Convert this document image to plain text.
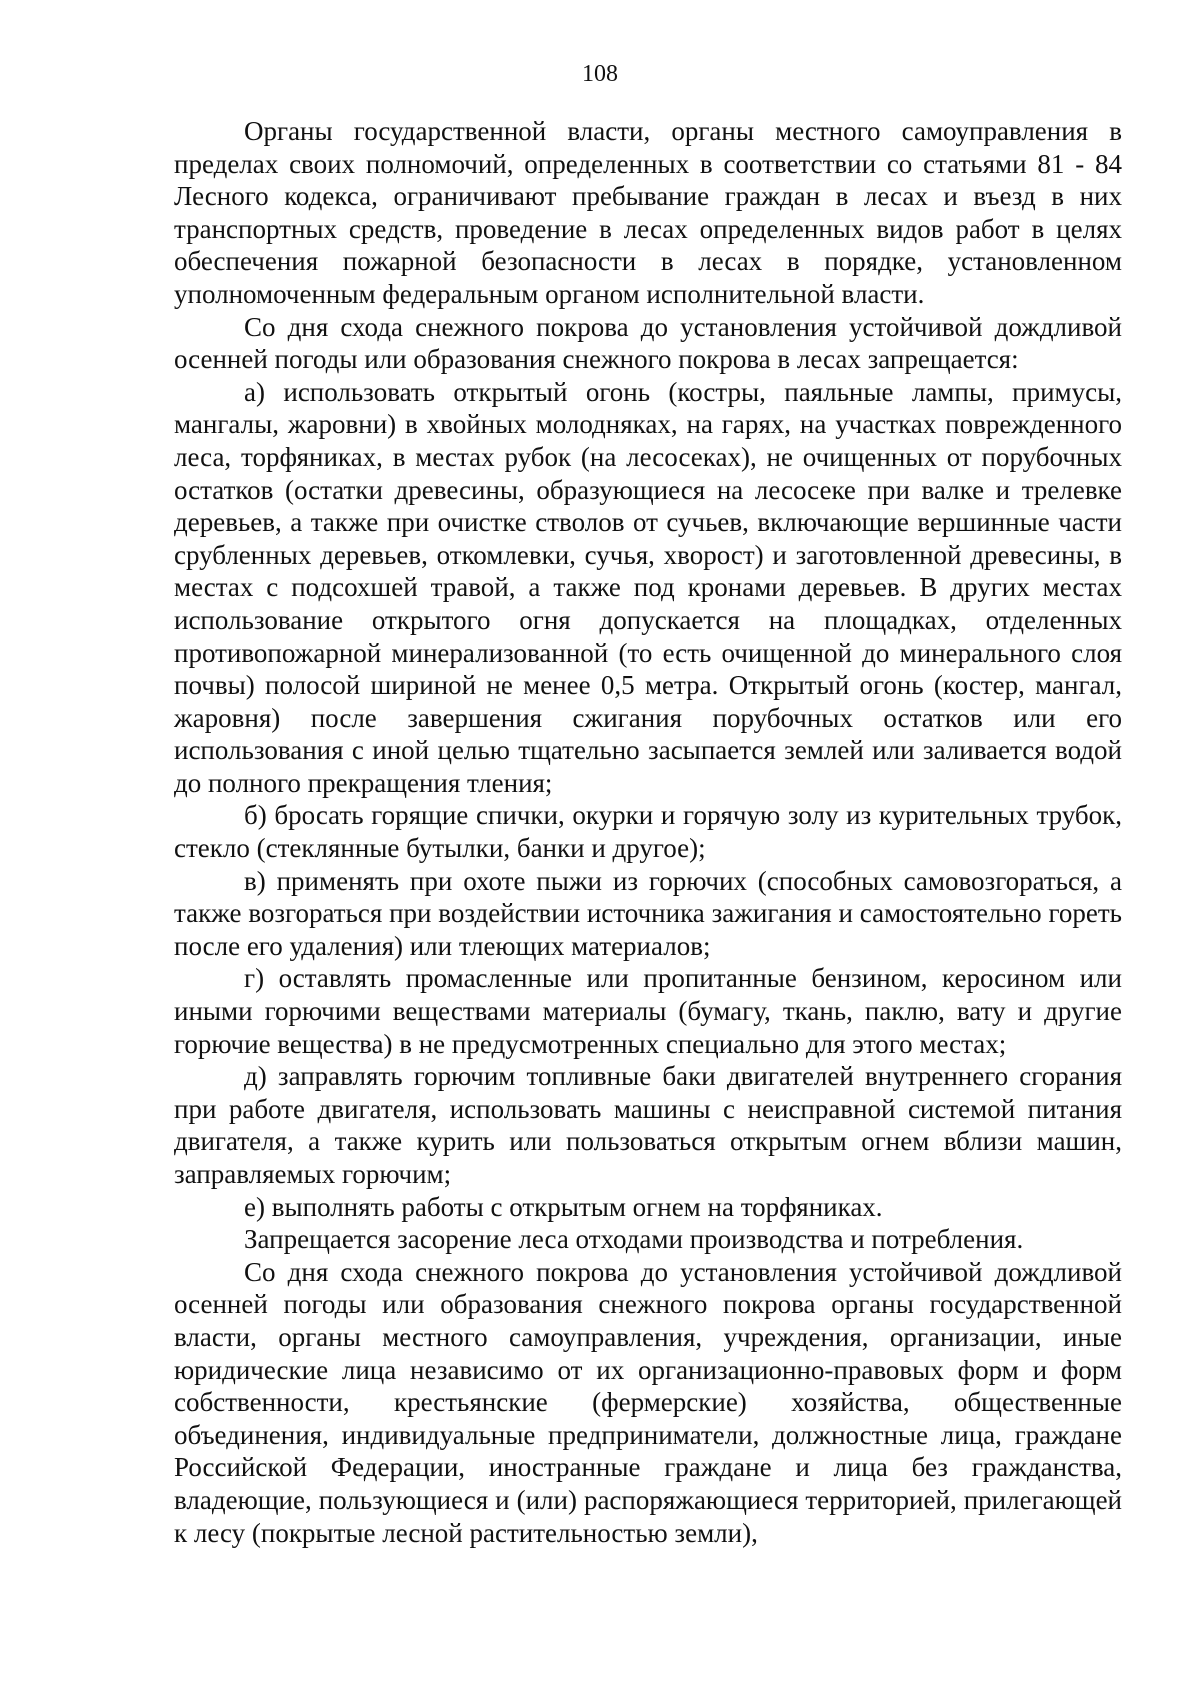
108

Органы государственной власти, органы местного самоуправления в пределах своих полномочий, определенных в соответствии со статьями 81 - 84 Лесного кодекса, ограничивают пребывание граждан в лесах и въезд в них транспортных средств, проведение в лесах определенных видов работ в целях обеспечения пожарной безопасности в лесах в порядке, установленном уполномоченным федеральным органом исполнительной власти.

Со дня схода снежного покрова до установления устойчивой дождливой осенней погоды или образования снежного покрова в лесах запрещается:

а) использовать открытый огонь (костры, паяльные лампы, примусы, мангалы, жаровни) в хвойных молодняках, на гарях, на участках поврежденного леса, торфяниках, в местах рубок (на лесосеках), не очищенных от порубочных остатков (остатки древесины, образующиеся на лесосеке при валке и трелевке деревьев, а также при очистке стволов от сучьев, включающие вершинные части срубленных деревьев, откомлевки, сучья, хворост) и заготовленной древесины, в местах с подсохшей травой, а также под кронами деревьев. В других местах использование открытого огня допускается на площадках, отделенных противопожарной минерализованной (то есть очищенной до минерального слоя почвы) полосой шириной не менее 0,5 метра. Открытый огонь (костер, мангал, жаровня) после завершения сжигания порубочных остатков или его использования с иной целью тщательно засыпается землей или заливается водой до полного прекращения тления;

б) бросать горящие спички, окурки и горячую золу из курительных трубок, стекло (стеклянные бутылки, банки и другое);

в) применять при охоте пыжи из горючих (способных самовозгораться, а также возгораться при воздействии источника зажигания и самостоятельно гореть после его удаления) или тлеющих материалов;

г) оставлять промасленные или пропитанные бензином, керосином или иными горючими веществами материалы (бумагу, ткань, паклю, вату и другие горючие вещества) в не предусмотренных специально для этого местах;

д) заправлять горючим топливные баки двигателей внутреннего сгорания при работе двигателя, использовать машины с неисправной системой питания двигателя, а также курить или пользоваться открытым огнем вблизи машин, заправляемых горючим;

е) выполнять работы с открытым огнем на торфяниках.

Запрещается засорение леса отходами производства и потребления.

Со дня схода снежного покрова до установления устойчивой дождливой осенней погоды или образования снежного покрова органы государственной власти, органы местного самоуправления, учреждения, организации, иные юридические лица независимо от их организационно-правовых форм и форм собственности, крестьянские (фермерские) хозяйства, общественные объединения, индивидуальные предприниматели, должностные лица, граждане Российской Федерации, иностранные граждане и лица без гражданства, владеющие, пользующиеся и (или) распоряжающиеся территорией, прилегающей к лесу (покрытые лесной растительностью земли),
